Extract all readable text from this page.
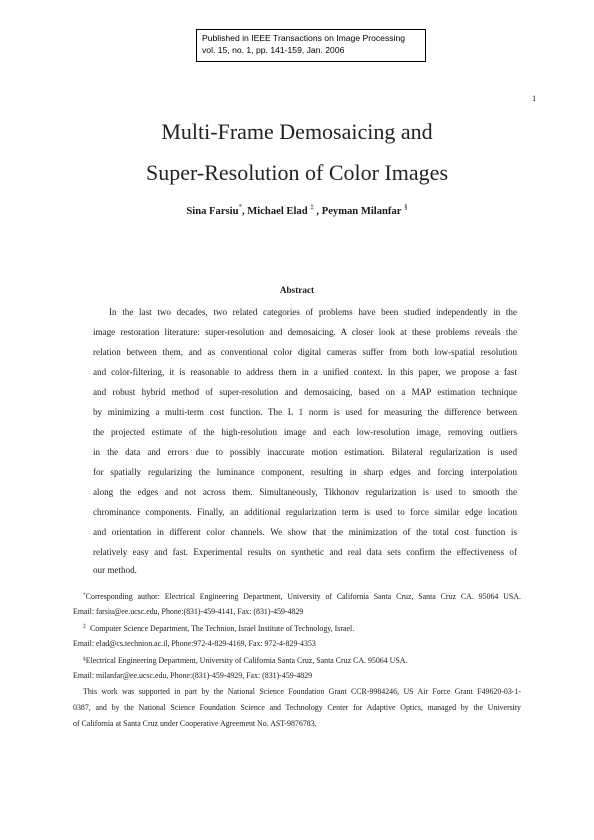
Published in IEEE Transactions on Image Processing
vol. 15, no. 1, pp. 141-159, Jan. 2006
1
Multi-Frame Demosaicing and
Super-Resolution of Color Images
Sina Farsiu*, Michael Elad ‡ , Peyman Milanfar §
Abstract
In the last two decades, two related categories of problems have been studied independently in the
image restoration literature: super-resolution and demosaicing. A closer look at these problems reveals the
relation between them, and as conventional color digital cameras suffer from both low-spatial resolution
and color-filtering, it is reasonable to address them in a unified context. In this paper, we propose a fast
and robust hybrid method of super-resolution and demosaicing, based on a MAP estimation technique
by minimizing a multi-term cost function. The L 1 norm is used for measuring the difference between
the projected estimate of the high-resolution image and each low-resolution image, removing outliers
in the data and errors due to possibly inaccurate motion estimation. Bilateral regularization is used
for spatially regularizing the luminance component, resulting in sharp edges and forcing interpolation
along the edges and not across them. Simultaneously, Tikhonov regularization is used to smooth the
chrominance components. Finally, an additional regularization term is used to force similar edge location
and orientation in different color channels. We show that the minimization of the total cost function is
relatively easy and fast. Experimental results on synthetic and real data sets confirm the effectiveness of
our method.
*Corresponding author: Electrical Engineering Department, University of California Santa Cruz, Santa Cruz CA. 95064 USA.
Email: farsiu@ee.ucsc.edu, Phone:(831)-459-4141, Fax: (831)-459-4829
‡ Computer Science Department, The Technion, Israel Institute of Technology, Israel.
Email: elad@cs.technion.ac.il, Phone:972-4-829-4169, Fax: 972-4-829-4353
§Electrical Engineering Department, University of California Santa Cruz, Santa Cruz CA. 95064 USA.
Email: milanfar@ee.ucsc.edu, Phone:(831)-459-4929, Fax: (831)-459-4829
This work was supported in part by the National Science Foundation Grant CCR-9984246, US Air Force Grant F49620-03-1-
0387, and by the National Science Foundation Science and Technology Center for Adaptive Optics, managed by the University
of California at Santa Cruz under Cooperative Agreement No. AST-9876783.
